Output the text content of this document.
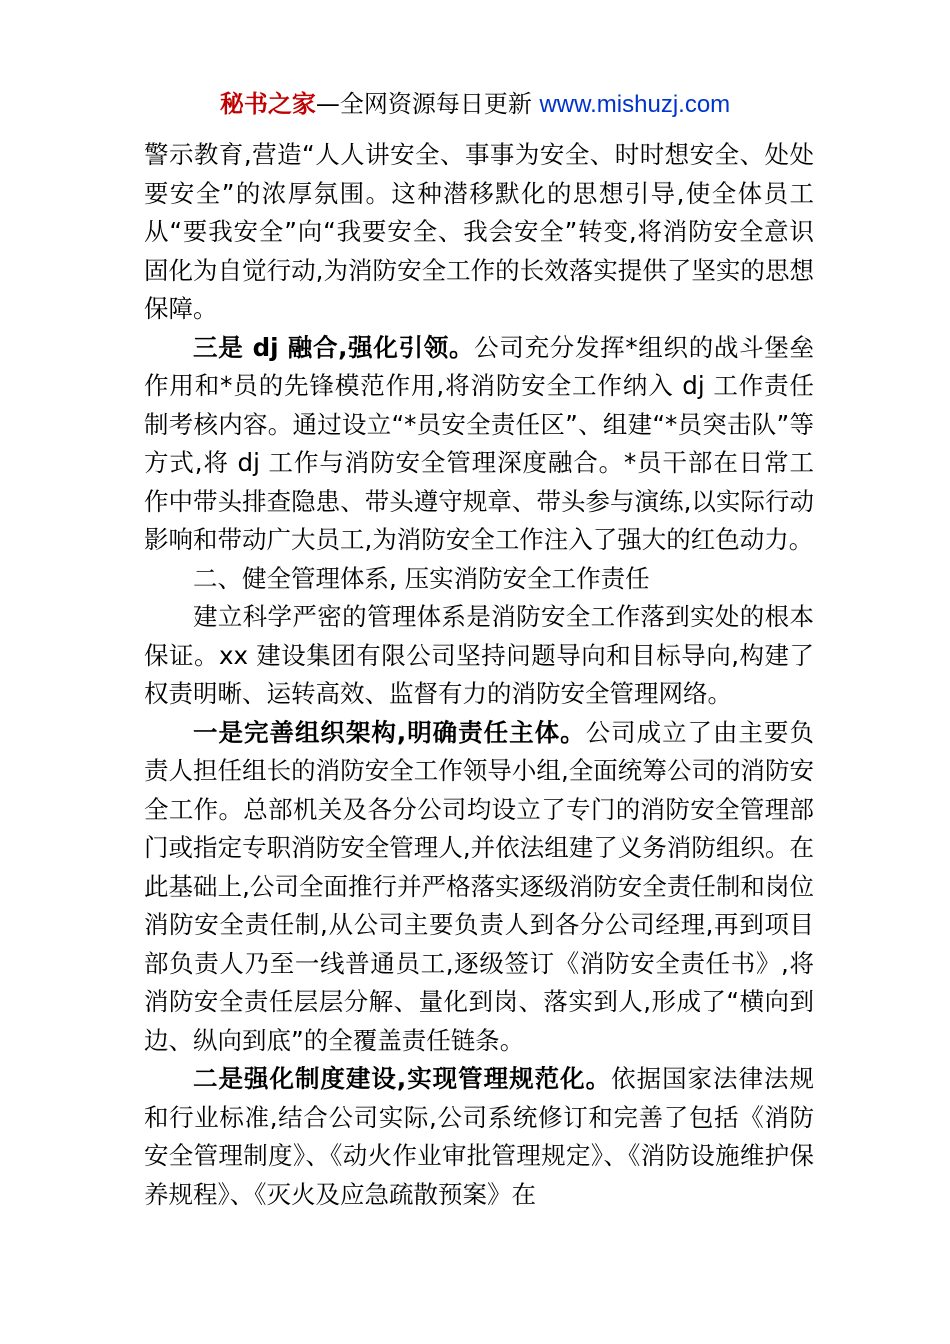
秘书之家—全网资源每日更新 www.mishuzj.com

警示教育,营造“人人讲安全、事事为安全、时时想安全、处处要安全”的浓厚氛围。这种潜移默化的思想引导,使全体员工从“要我安全”向“我要安全、我会安全”转变,将消防安全意识固化为自觉行动,为消防安全工作的长效落实提供了坚实的思想保障。

三是 dj 融合,强化引领。公司充分发挥*组织的战斗堡垒作用和*员的先锋模范作用,将消防安全工作纳入 dj 工作责任制考核内容。通过设立“*员安全责任区”、组建“*员突击队”等方式,将 dj 工作与消防安全管理深度融合。*员干部在日常工作中带头排查隐患、带头遵守规章、带头参与演练,以实际行动影响和带动广大员工,为消防安全工作注入了强大的红色动力。

二、健全管理体系, 压实消防安全工作责任

建立科学严密的管理体系是消防安全工作落到实处的根本保证。xx 建设集团有限公司坚持问题导向和目标导向,构建了权责明晰、运转高效、监督有力的消防安全管理网络。

一是完善组织架构,明确责任主体。公司成立了由主要负责人担任组长的消防安全工作领导小组,全面统筹公司的消防安全工作。总部机关及各分公司均设立了专门的消防安全管理部门或指定专职消防安全管理人,并依法组建了义务消防组织。在此基础上,公司全面推行并严格落实逐级消防安全责任制和岗位消防安全责任制,从公司主要负责人到各分公司经理,再到项目部负责人乃至一线普通员工,逐级签订《消防安全责任书》,将消防安全责任层层分解、量化到岗、落实到人,形成了“横向到边、纵向到底”的全覆盖责任链条。

二是强化制度建设,实现管理规范化。依据国家法律法规和行业标准,结合公司实际,公司系统修订和完善了包括《消防安全管理制度》、《动火作业审批管理规定》、《消防设施维护保养规程》、《灭火及应急疏散预案》在
